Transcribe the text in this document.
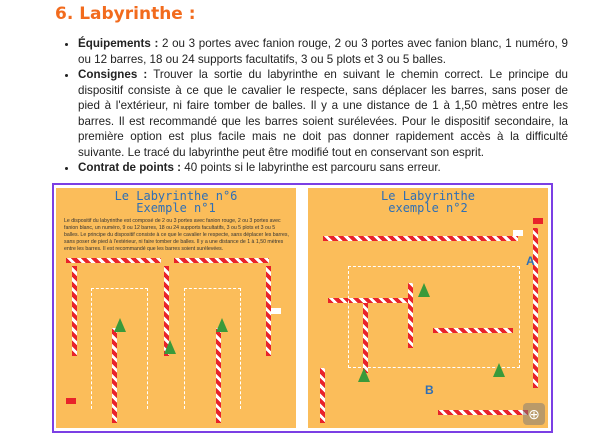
6. Labyrinthe :
• Équipements : 2 ou 3 portes avec fanion rouge, 2 ou 3 portes avec fanion blanc, 1 numéro, 9 ou 12 barres, 18 ou 24 supports facultatifs, 3 ou 5 plots et 3 ou 5 balles.
• Consignes : Trouver la sortie du labyrinthe en suivant le chemin correct. Le principe du dispositif consiste à ce que le cavalier le respecte, sans déplacer les barres, sans poser de pied à l'extérieur, ni faire tomber de balles. Il y a une distance de 1 à 1,50 mètres entre les barres. Il est recommandé que les barres soient surélevées. Pour le dispositif secondaire, la première option est plus facile mais ne doit pas donner rapidement accès à la difficulté suivante. Le tracé du labyrinthe peut être modifié tout en conservant son esprit.
• Contrat de points : 40 points si le labyrinthe est parcouru sans erreur.
Le Labyrinthe n°6
Exemple n°1
Le dispositif du labyrinthe est composé de 2 ou 3 portes avec fanion rouge, 2 ou 3 portes avec fanion blanc, un numéro, 9 ou 12 barres, 18 ou 24 supports facultatifs, 3 ou 5 plots et 3 ou 5 balles. Le principe du dispositif consiste à ce que le cavalier le respecte, sans déplacer les barres, sans poser de pied à l'extérieur, ni faire tomber de balles. Il y a une distance de 1 à 1,50 mètres entre les barres. Il est recommandé que les barres soient surélevées.
Le Labyrinthe
exemple n°2
A
B
⊕
